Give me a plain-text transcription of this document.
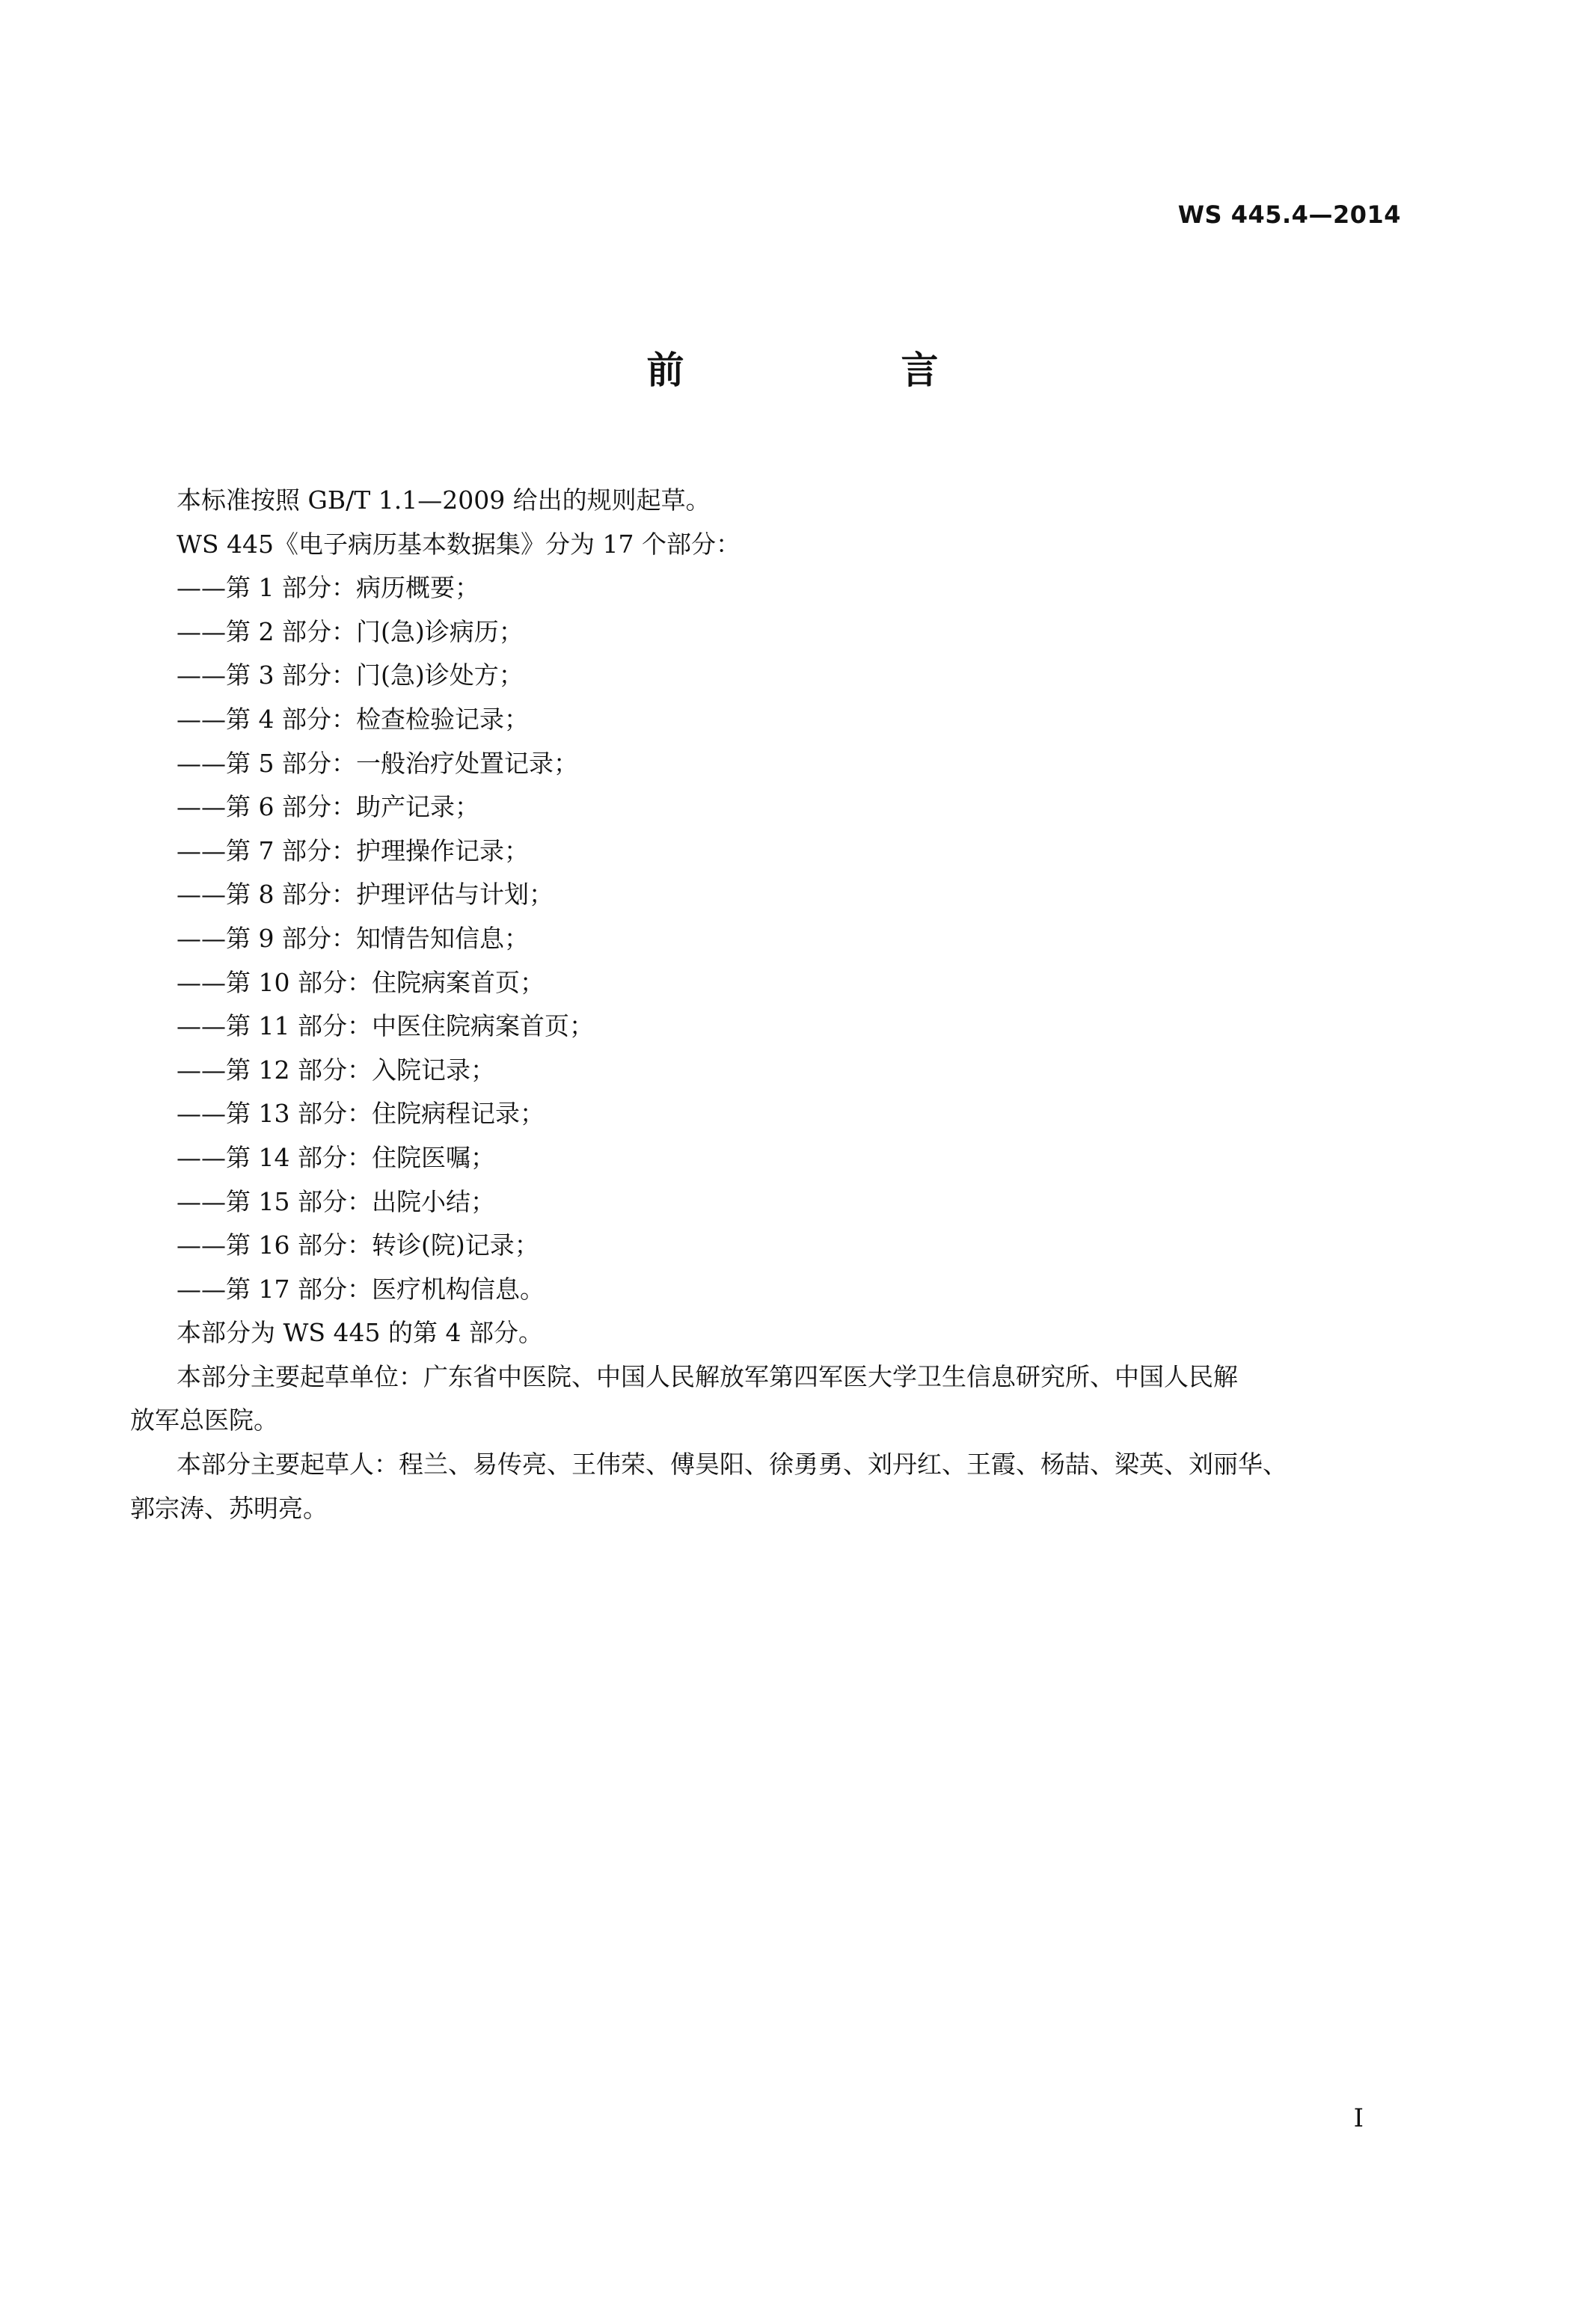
WS 445.4—2014
前　言
本标准按照 GB/T 1.1—2009 给出的规则起草。
WS 445《电子病历基本数据集》分为 17 个部分：
——第 1 部分：病历概要；
——第 2 部分：门(急)诊病历；
——第 3 部分：门(急)诊处方；
——第 4 部分：检查检验记录；
——第 5 部分：一般治疗处置记录；
——第 6 部分：助产记录；
——第 7 部分：护理操作记录；
——第 8 部分：护理评估与计划；
——第 9 部分：知情告知信息；
——第 10 部分：住院病案首页；
——第 11 部分：中医住院病案首页；
——第 12 部分：入院记录；
——第 13 部分：住院病程记录；
——第 14 部分：住院医嘱；
——第 15 部分：出院小结；
——第 16 部分：转诊(院)记录；
——第 17 部分：医疗机构信息。
本部分为 WS 445 的第 4 部分。
本部分主要起草单位：广东省中医院、中国人民解放军第四军医大学卫生信息研究所、中国人民解
放军总医院。
本部分主要起草人：程兰、易传亮、王伟荣、傅昊阳、徐勇勇、刘丹红、王霞、杨喆、梁英、刘丽华、
郭宗涛、苏明亮。
I
